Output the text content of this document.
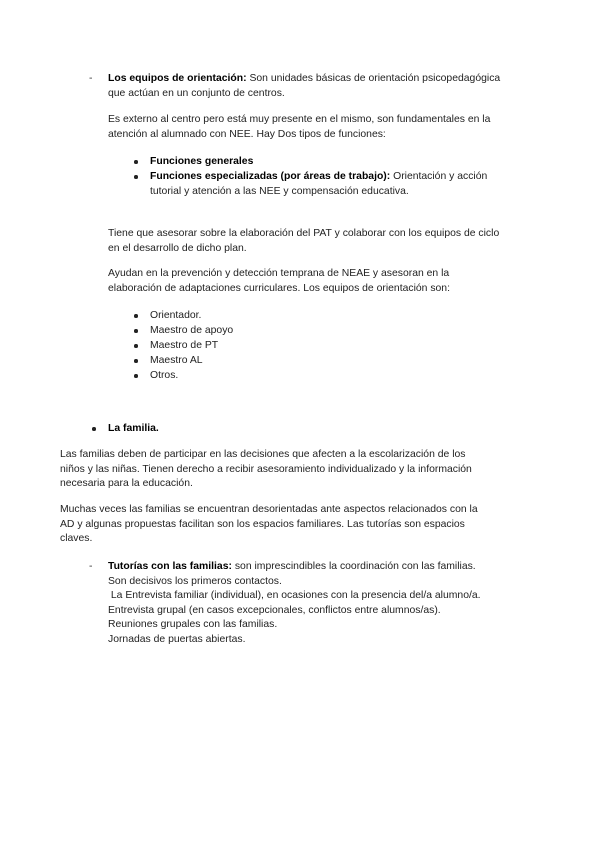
- Los equipos de orientación: Son unidades básicas de orientación psicopedagógica
que actúan en un conjunto de centros.
Es externo al centro pero está muy presente en el mismo, son fundamentales en la
atención al alumnado con NEE. Hay Dos tipos de funciones:
Funciones generales
Funciones especializadas (por áreas de trabajo): Orientación y acción
tutorial y atención a las NEE y compensación educativa.
Tiene que asesorar sobre la elaboración del PAT y colaborar con los equipos de ciclo
en el desarrollo de dicho plan.
Ayudan en la prevención y detección temprana de NEAE y asesoran en la
elaboración de adaptaciones curriculares. Los equipos de orientación son:
Orientador.
Maestro de apoyo
Maestro de PT
Maestro AL
Otros.
La familia.
Las familias deben de participar en las decisiones que afecten a la escolarización de los
niños y las niñas. Tienen derecho a recibir asesoramiento individualizado y la información
necesaria para la educación.
Muchas veces las familias se encuentran desorientadas ante aspectos relacionados con la
AD y algunas propuestas facilitan son los espacios familiares. Las tutorías son espacios
claves.
- Tutorías con las familias: son imprescindibles la coordinación con las familias.
Son decisivos los primeros contactos.
La Entrevista familiar (individual), en ocasiones con la presencia del/a alumno/a.
Entrevista grupal (en casos excepcionales, conflictos entre alumnos/as).
Reuniones grupales con las familias.
Jornadas de puertas abiertas.
